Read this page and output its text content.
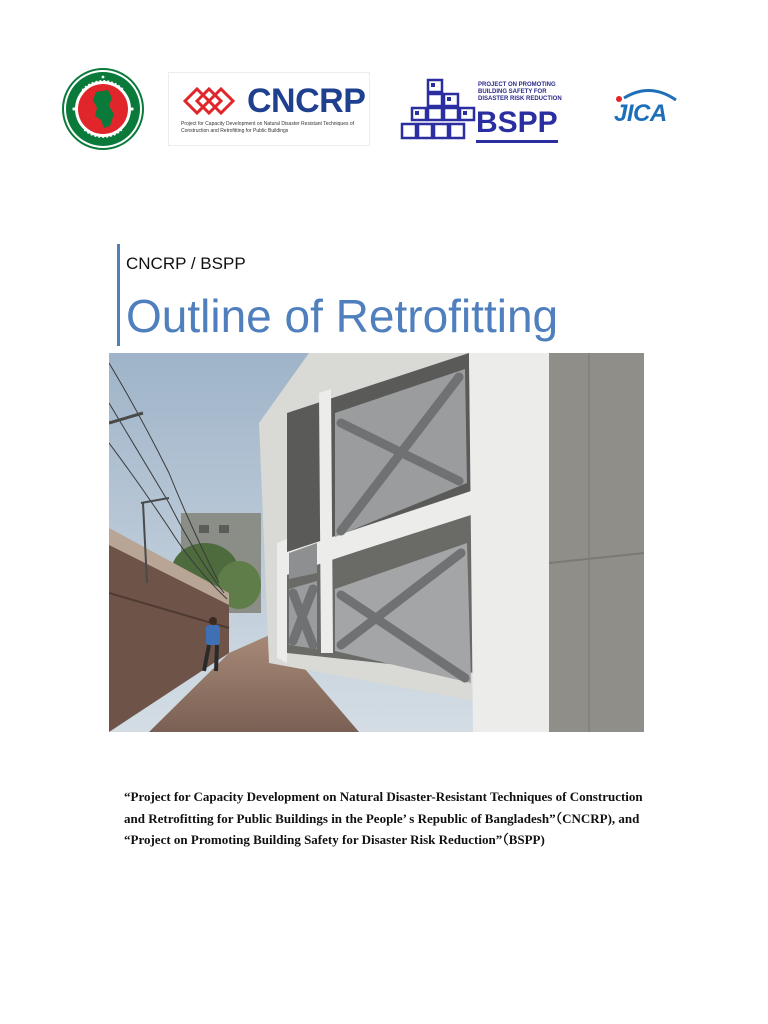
CNCRP
Project for Capacity Development on Natural Disaster Resistant Techniques of Construction and Retrofitting for Public Buildings
PROJECT ON PROMOTING BUILDING SAFETY FOR DISASTER RISK REDUCTION
BSPP JICA
CNCRP / BSPP
Outline of Retrofitting

“Project for Capacity Development on Natural Disaster-Resistant Techniques of Construction and Retrofitting for Public Buildings in the People’ s Republic of Bangladesh”（CNCRP), and

“Project on Promoting Building Safety for Disaster Risk Reduction”（BSPP)
